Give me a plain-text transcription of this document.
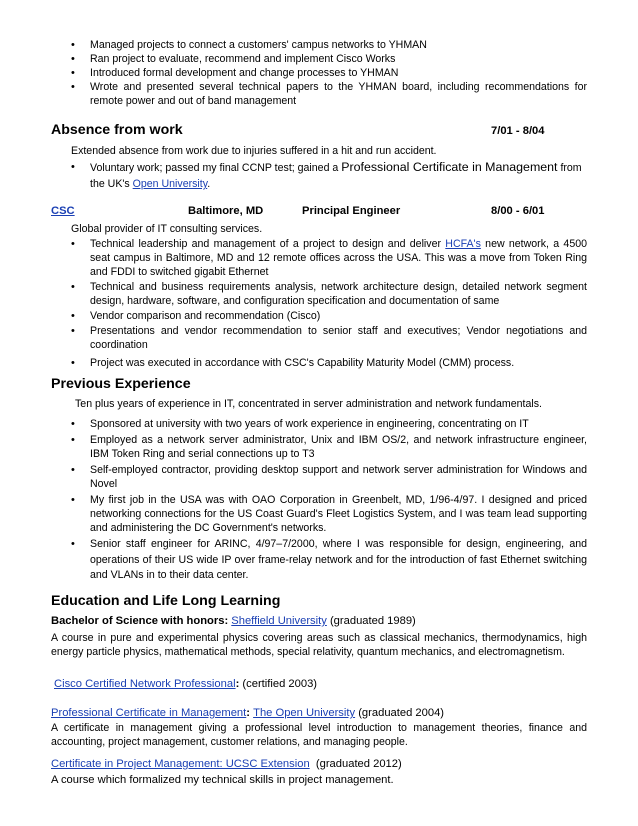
• Managed projects to connect a customers' campus networks to YHMAN
• Ran project to evaluate, recommend and implement Cisco Works
• Introduced formal development and change processes to YHMAN
• Wrote and presented several technical papers to the YHMAN board, including recommendations for remote power and out of band management
Absence from work	7/01 - 8/04
Extended absence from work due to injuries suffered in a hit and run accident.
• Voluntary work; passed my final CCNP test; gained a Professional Certificate in Management from the UK's Open University.
CSC	Baltimore, MD	Principal Engineer	8/00 - 6/01
Global provider of IT consulting services.
• Technical leadership and management of a project to design and deliver HCFA's new network, a 4500 seat campus in Baltimore, MD and 12 remote offices across the USA. This was a move from Token Ring and FDDI to switched gigabit Ethernet
• Technical and business requirements analysis, network architecture design, detailed network segment design, hardware, software, and configuration specification and documentation of same
• Vendor comparison and recommendation (Cisco)
• Presentations and vendor recommendation to senior staff and executives; Vendor negotiations and coordination
• Project was executed in accordance with CSC's Capability Maturity Model (CMM) process.
Previous Experience
Ten plus years of experience in IT, concentrated in server administration and network fundamentals.
• Sponsored at university with two years of work experience in engineering, concentrating on IT
• Employed as a network server administrator, Unix and IBM OS/2, and network infrastructure engineer, IBM Token Ring and serial connections up to T3
• Self-employed contractor, providing desktop support and network server administration for Windows and Novel
• My first job in the USA was with OAO Corporation in Greenbelt, MD, 1/96-4/97. I designed and priced networking connections for the US Coast Guard's Fleet Logistics System, and I was team lead supporting and administering the DC Government's networks.
• Senior staff engineer for ARINC, 4/97–7/2000, where I was responsible for design, engineering, and operations of their US wide IP over frame-relay network and for the introduction of fast Ethernet switching and VLANs in to their data center.
Education and Life Long Learning
Bachelor of Science with honors: Sheffield University (graduated 1989)
A course in pure and experimental physics covering areas such as classical mechanics, thermodynamics, high energy particle physics, mathematical methods, special relativity, quantum mechanics, and electromagnetism.
Cisco Certified Network Professional: (certified 2003)
Professional Certificate in Management: The Open University (graduated 2004)
A certificate in management giving a professional level introduction to management theories, finance and accounting, project management, customer relations, and managing people.
Certificate in Project Management: UCSC Extension  (graduated 2012)
A course which formalized my technical skills in project management.
